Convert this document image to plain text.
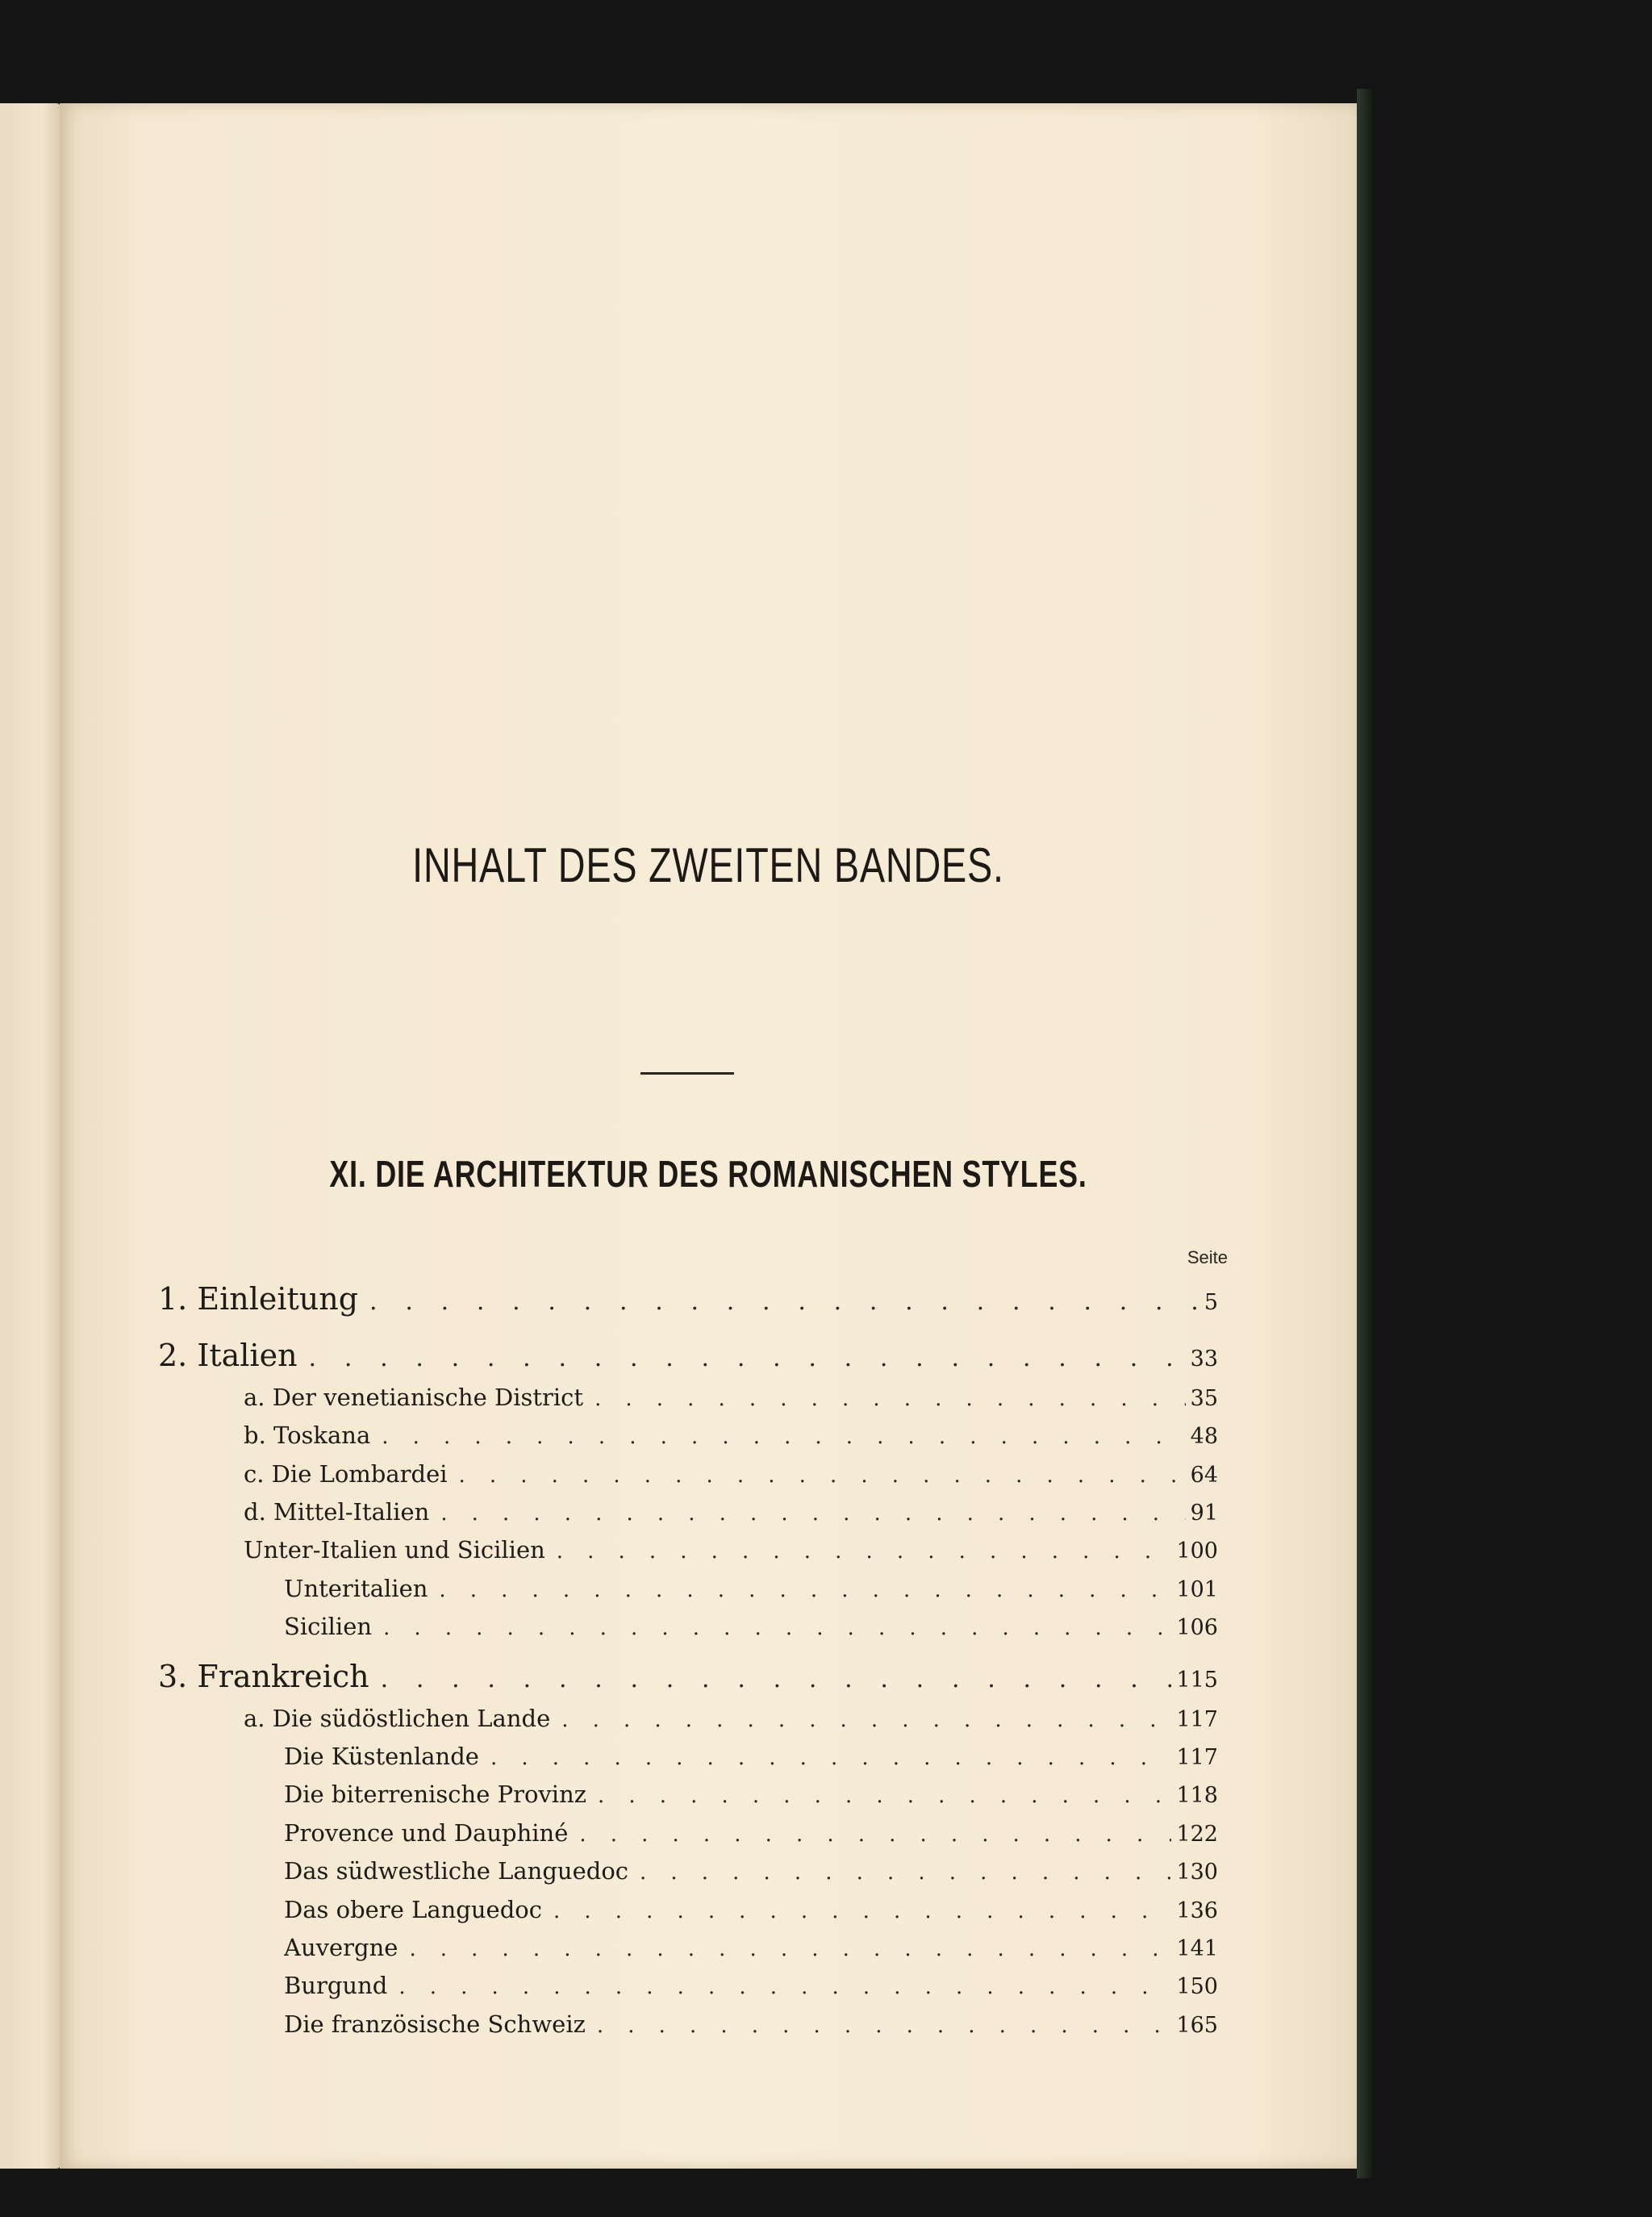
INHALT DES ZWEITEN BANDES.
XI. DIE ARCHITEKTUR DES ROMANISCHEN STYLES.
Seite
1. Einleitung . . .	5
2. Italien . . .	33
a. Der venetianische District . . .	35
b. Toskana . . .	48
c. Die Lombardei . . .	64
d. Mittel-Italien . . .	91
Unter-Italien und Sicilien . . .	100
Unteritalien . . .	101
Sicilien . . .	106
3. Frankreich . . .	115
a. Die südöstlichen Lande . . .	117
Die Küstenlande . . .	117
Die biterrenische Provinz . . .	118
Provence und Dauphiné . . .	122
Das südwestliche Languedoc . . .	130
Das obere Languedoc . . .	136
Auvergne . . .	141
Burgund . . .	150
Die französische Schweiz . . .	165
